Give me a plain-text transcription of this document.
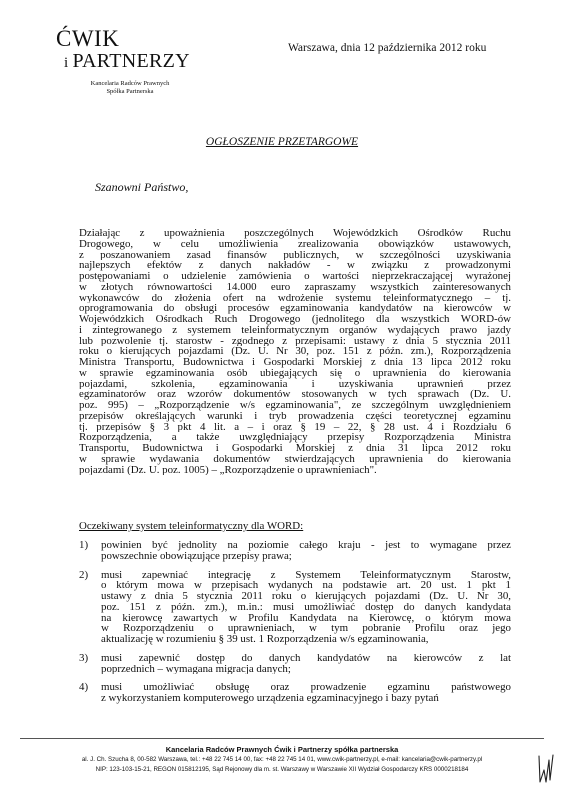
ĆWIK
i PARTNERZY
Kancelaria Radców Prawnych
Spółka Partnerska
Warszawa, dnia 12 października 2012 roku
OGŁOSZENIE PRZETARGOWE
Szanowni Państwo,
Działając z upoważnienia poszczególnych Wojewódzkich Ośrodków Ruchu
Drogowego, w celu umożliwienia zrealizowania obowiązków ustawowych,
z poszanowaniem zasad finansów publicznych, w szczególności uzyskiwania
najlepszych efektów z danych nakładów - w związku z prowadzonymi
postępowaniami o udzielenie zamówienia o wartości nieprzekraczającej wyrażonej
w złotych równowartości 14.000 euro zapraszamy wszystkich zainteresowanych
wykonawców do złożenia ofert na wdrożenie systemu teleinformatycznego – tj.
oprogramowania do obsługi procesów egzaminowania kandydatów na kierowców w
Wojewódzkich Ośrodkach Ruch Drogowego (jednolitego dla wszystkich WORD-ów
i zintegrowanego z systemem teleinformatycznym organów wydających prawo jazdy
lub pozwolenie tj. starostw - zgodnego z przepisami: ustawy z dnia 5 stycznia 2011
roku o kierujących pojazdami (Dz. U. Nr 30, poz. 151 z późn. zm.), Rozporządzenia
Ministra Transportu, Budownictwa i Gospodarki Morskiej z dnia 13 lipca 2012 roku
w sprawie egzaminowania osób ubiegających się o uprawnienia do kierowania
pojazdami, szkolenia, egzaminowania i uzyskiwania uprawnień przez
egzaminatorów oraz wzorów dokumentów stosowanych w tych sprawach (Dz. U.
poz. 995) – „Rozporządzenie w/s egzaminowania", ze szczególnym uwzględnieniem
przepisów określających warunki i tryb prowadzenia części teoretycznej egzaminu
tj. przepisów § 3 pkt 4 lit. a – i oraz § 19 – 22, § 28 ust. 4 i Rozdziału 6
Rozporządzenia, a także uwzględniający przepisy Rozporządzenia Ministra
Transportu, Budownictwa i Gospodarki Morskiej z dnia 31 lipca 2012 roku
w sprawie wydawania dokumentów stwierdzających uprawnienia do kierowania
pojazdami (Dz. U. poz. 1005) – „Rozporządzenie o uprawnieniach".
Oczekiwany system teleinformatyczny dla WORD:
1)	powinien być jednolity na poziomie całego kraju - jest to wymagane przez
powszechnie obowiązujące przepisy prawa;
2)	musi zapewniać integrację z Systemem Teleinformatycznym Starostw,
o którym mowa w przepisach wydanych na podstawie art. 20 ust. 1 pkt 1
ustawy z dnia 5 stycznia 2011 roku o kierujących pojazdami (Dz. U. Nr 30,
poz. 151 z późn. zm.), m.in.: musi umożliwiać dostęp do danych kandydata
na kierowcę zawartych w Profilu Kandydata na Kierowcę, o którym mowa
w Rozporządzeniu o uprawnieniach, w tym pobranie Profilu oraz jego
aktualizację w rozumieniu § 39 ust. 1 Rozporządzenia w/s egzaminowania,
3)	musi zapewnić dostęp do danych kandydatów na kierowców z lat
poprzednich – wymagana migracja danych;
4)	musi umożliwiać obsługę oraz prowadzenie egzaminu państwowego
z wykorzystaniem komputerowego urządzenia egzaminacyjnego i bazy pytań
Kancelaria Radców Prawnych Ćwik i Partnerzy spółka partnerska
al. J. Ch. Szucha 8, 00-582 Warszawa, tel.: +48 22 745 14 00, fax: +48 22 745 14 01, www.cwik-partnerzy.pl, e-mail: kancelaria@cwik-partnerzy.pl
NIP: 123-103-15-21, REGON 015812195, Sąd Rejonowy dla m. st. Warszawy w Warszawie XII Wydział Gospodarczy KRS 0000218184
